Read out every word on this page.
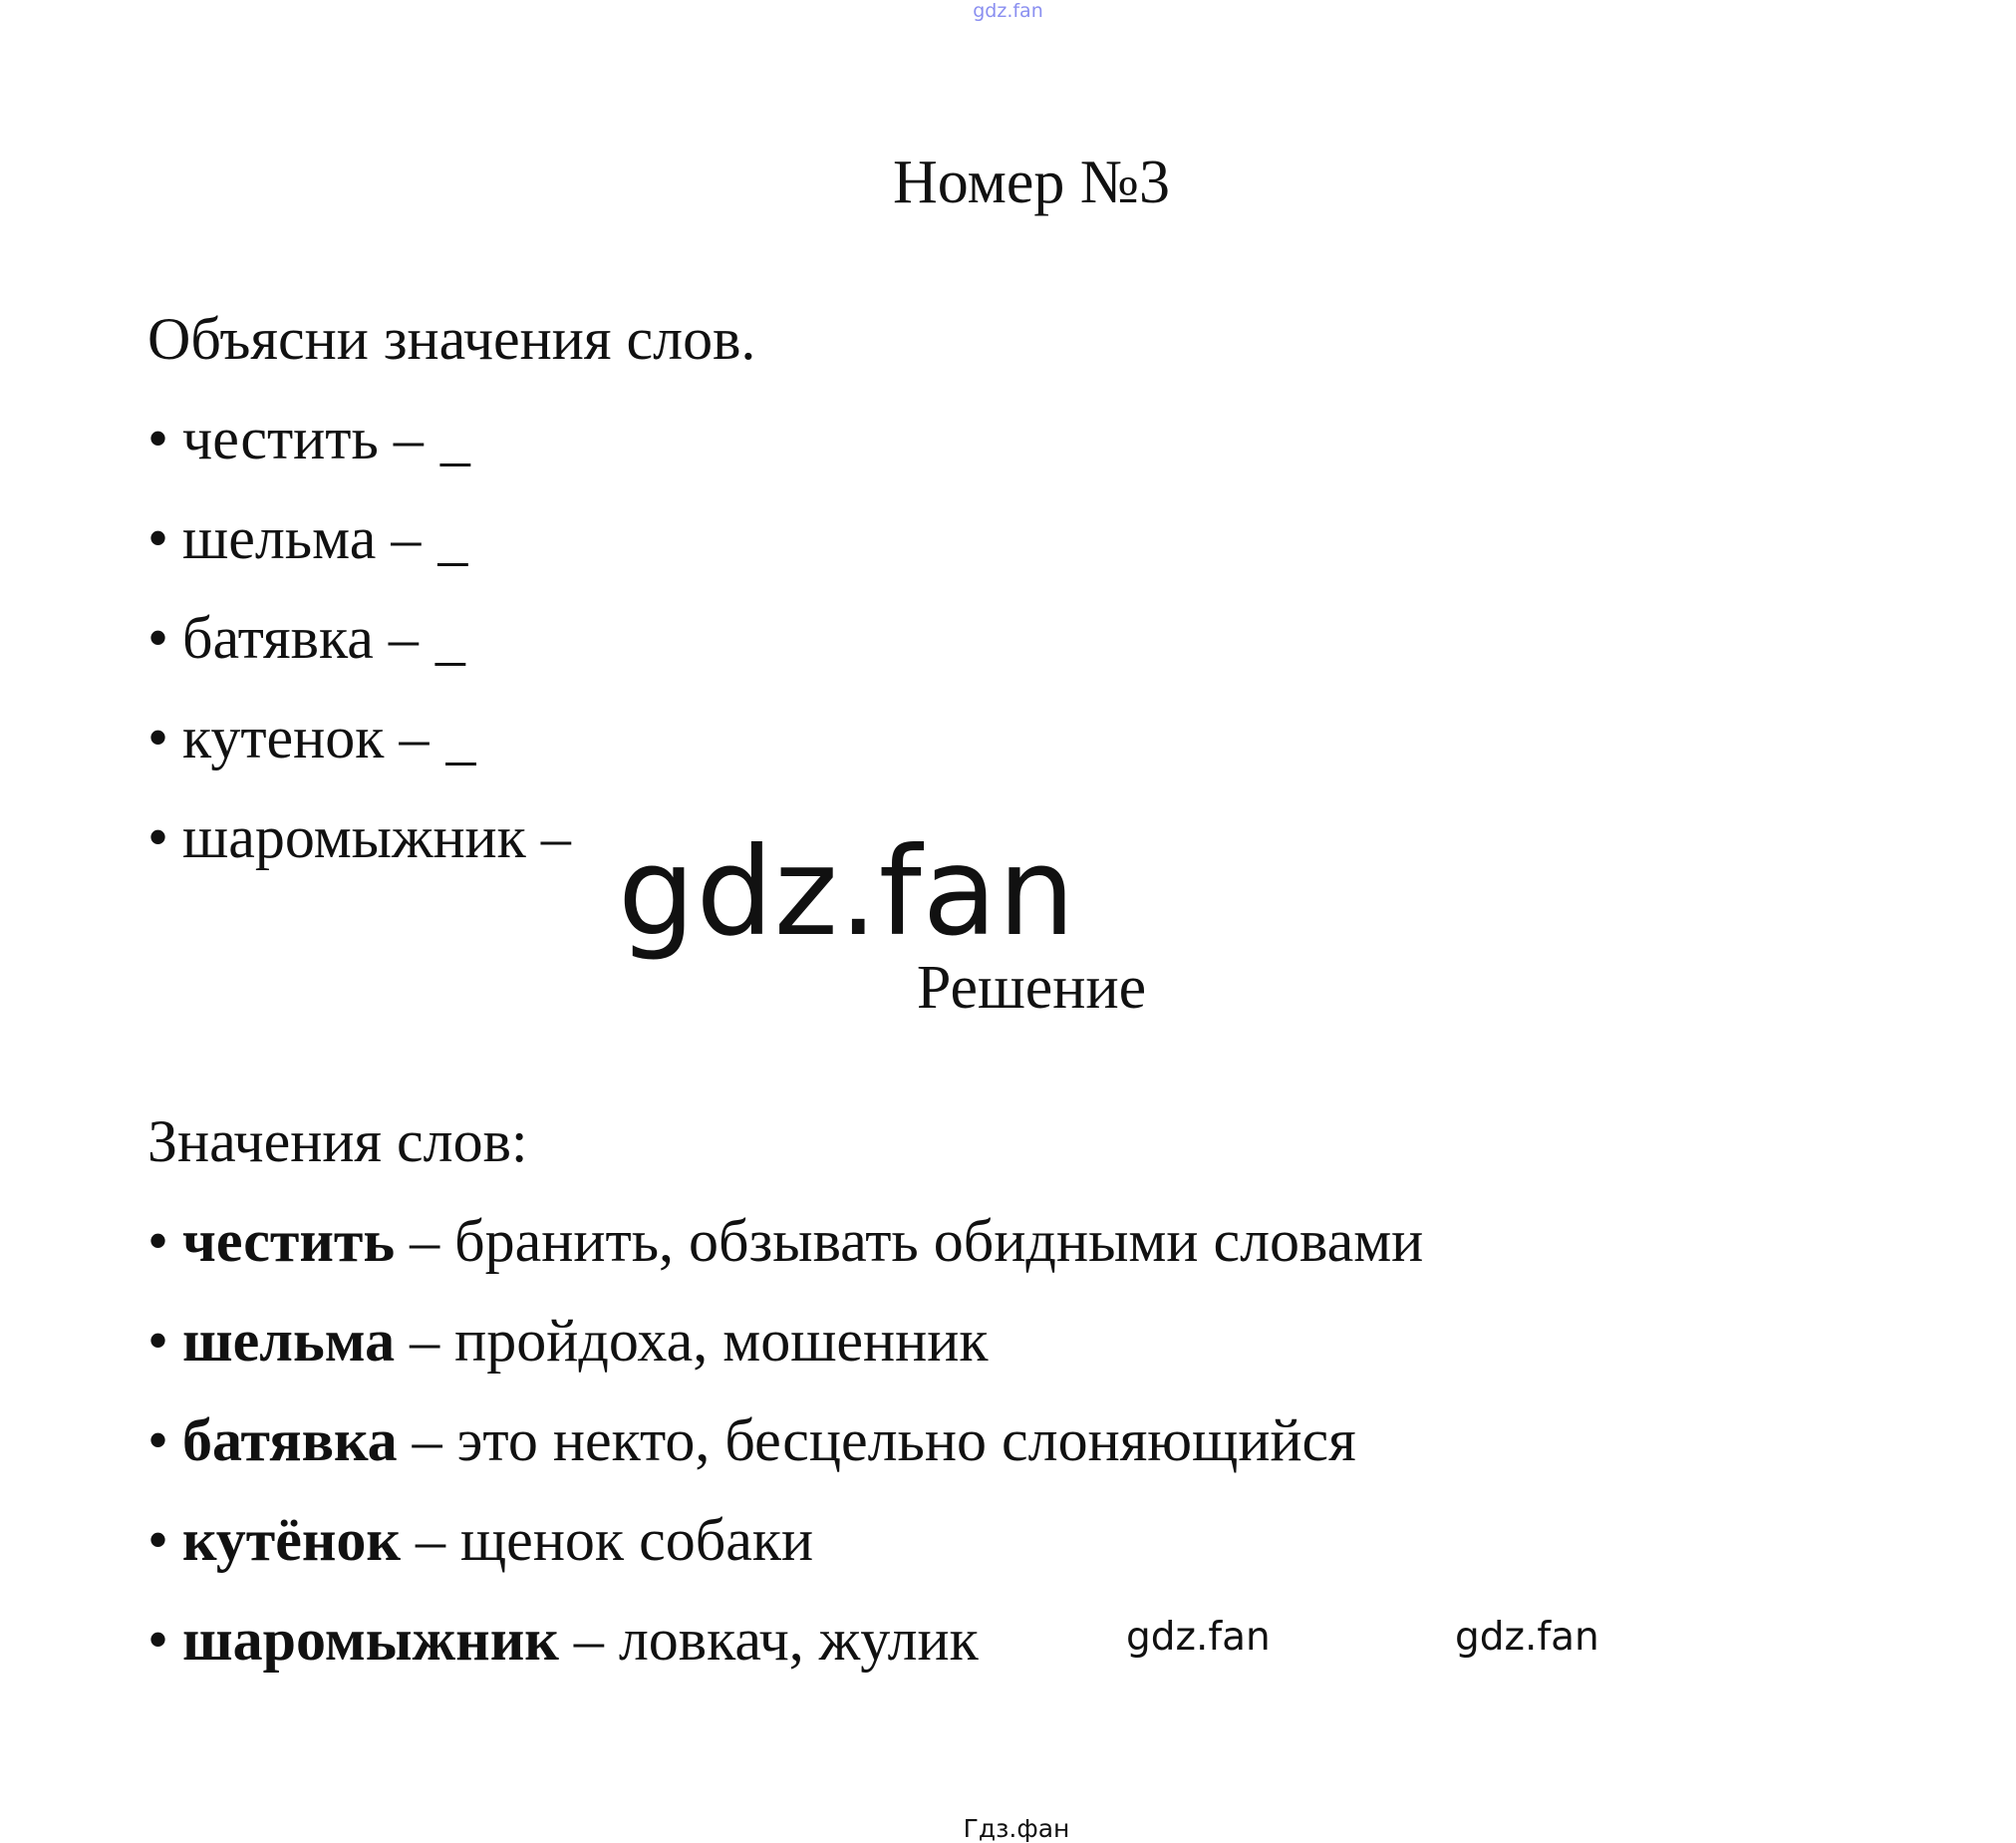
gdz.fan
Номер №3
Объясни значения слов.
• честить – _
• шельма – _
• батявка – _
• кутенок – _
• шаромыжник – gdz.fan
Решение
Значения слов:
• честить – бранить, обзывать обидными словами
• шельма – пройдоха, мошенник
• батявка – это некто, бесцельно слоняющийся
• кутёнок – щенок собаки
• шаромыжник – ловкач, жулик	gdz.fan	gdz.fan
Гдз.фан
